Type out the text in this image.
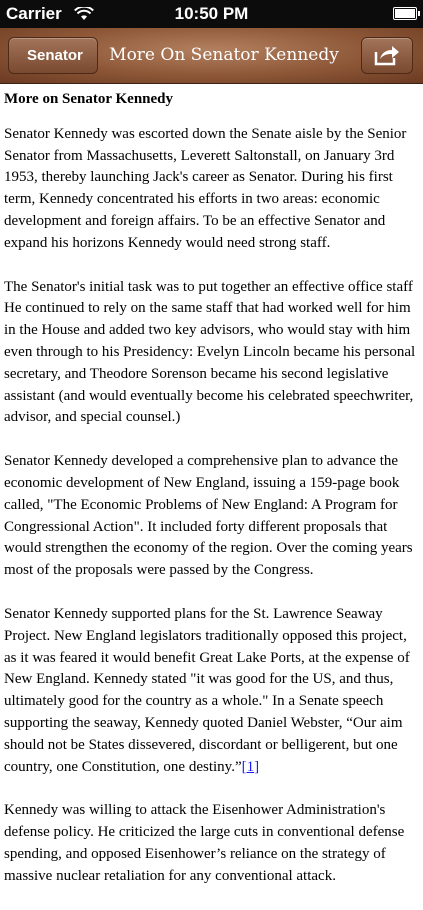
Carrier	10:50 PM
Senator	More On Senator Kennedy
More on Senator Kennedy

Senator Kennedy was escorted down the Senate aisle by the Senior Senator from Massachusetts, Leverett Saltonstall, on January 3rd 1953, thereby launching Jack's career as Senator. During his first term, Kennedy concentrated his efforts in two areas: economic development and foreign affairs. To be an effective Senator and expand his horizons Kennedy would need strong staff.

The Senator's initial task was to put together an effective office staff He continued to rely on the same staff that had worked well for him in the House and added two key advisors, who would stay with him even through to his Presidency: Evelyn Lincoln became his personal secretary, and Theodore Sorenson became his second legislative assistant (and would eventually become his celebrated speechwriter, advisor, and special counsel.)

Senator Kennedy developed a comprehensive plan to advance the economic development of New England, issuing a 159-page book called, "The Economic Problems of New England: A Program for Congressional Action". It included forty different proposals that would strengthen the economy of the region. Over the coming years most of the proposals were passed by the Congress.

Senator Kennedy supported plans for the St. Lawrence Seaway Project. New England legislators traditionally opposed this project, as it was feared it would benefit Great Lake Ports, at the expense of New England. Kennedy stated "it was good for the US, and thus, ultimately good for the country as a whole." In a Senate speech supporting the seaway, Kennedy quoted Daniel Webster, “Our aim should not be States dissevered, discordant or belligerent, but one country, one Constitution, one destiny.”[1]

Kennedy was willing to attack the Eisenhower Administration's defense policy. He criticized the large cuts in conventional defense spending, and opposed Eisenhower’s reliance on the strategy of massive nuclear retaliation for any conventional attack.
